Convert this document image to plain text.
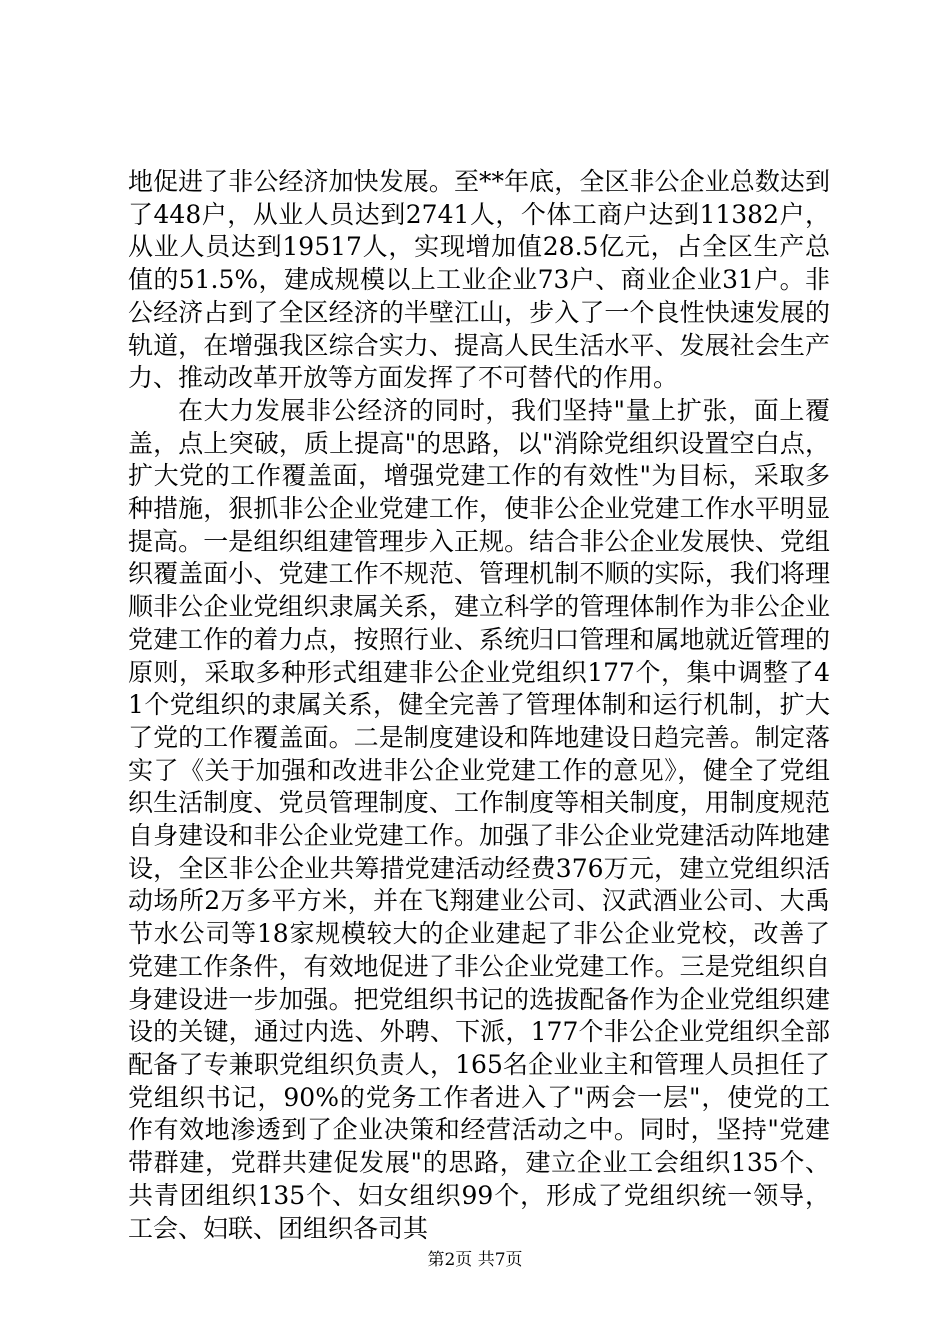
地促进了非公经济加快发展。至**年底，全区非公企业总数达到了448户，从业人员达到2741人，个体工商户达到11382户，从业人员达到19517人，实现增加值28.5亿元，占全区生产总值的51.5%，建成规模以上工业企业73户、商业企业31户。非公经济占到了全区经济的半壁江山，步入了一个良性快速发展的轨道，在增强我区综合实力、提高人民生活水平、发展社会生产力、推动改革开放等方面发挥了不可替代的作用。

在大力发展非公经济的同时，我们坚持"量上扩张，面上覆盖，点上突破，质上提高"的思路，以"消除党组织设置空白点，扩大党的工作覆盖面，增强党建工作的有效性"为目标，采取多种措施，狠抓非公企业党建工作，使非公企业党建工作水平明显提高。一是组织组建管理步入正规。结合非公企业发展快、党组织覆盖面小、党建工作不规范、管理机制不顺的实际，我们将理顺非公企业党组织隶属关系，建立科学的管理体制作为非公企业党建工作的着力点，按照行业、系统归口管理和属地就近管理的原则，采取多种形式组建非公企业党组织177个，集中调整了41个党组织的隶属关系，健全完善了管理体制和运行机制，扩大了党的工作覆盖面。二是制度建设和阵地建设日趋完善。制定落实了《关于加强和改进非公企业党建工作的意见》，健全了党组织生活制度、党员管理制度、工作制度等相关制度，用制度规范自身建设和非公企业党建工作。加强了非公企业党建活动阵地建设，全区非公企业共筹措党建活动经费376万元，建立党组织活动场所2万多平方米，并在飞翔建业公司、汉武酒业公司、大禹节水公司等18家规模较大的企业建起了非公企业党校，改善了党建工作条件，有效地促进了非公企业党建工作。三是党组织自身建设进一步加强。把党组织书记的选拔配备作为企业党组织建设的关键，通过内选、外聘、下派，177个非公企业党组织全部配备了专兼职党组织负责人，165名企业业主和管理人员担任了党组织书记，90%的党务工作者进入了"两会一层"，使党的工作有效地渗透到了企业决策和经营活动之中。同时，坚持"党建带群建，党群共建促发展"的思路，建立企业工会组织135个、共青团组织135个、妇女组织99个，形成了党组织统一领导，工会、妇联、团组织各司其

第2页 共7页
